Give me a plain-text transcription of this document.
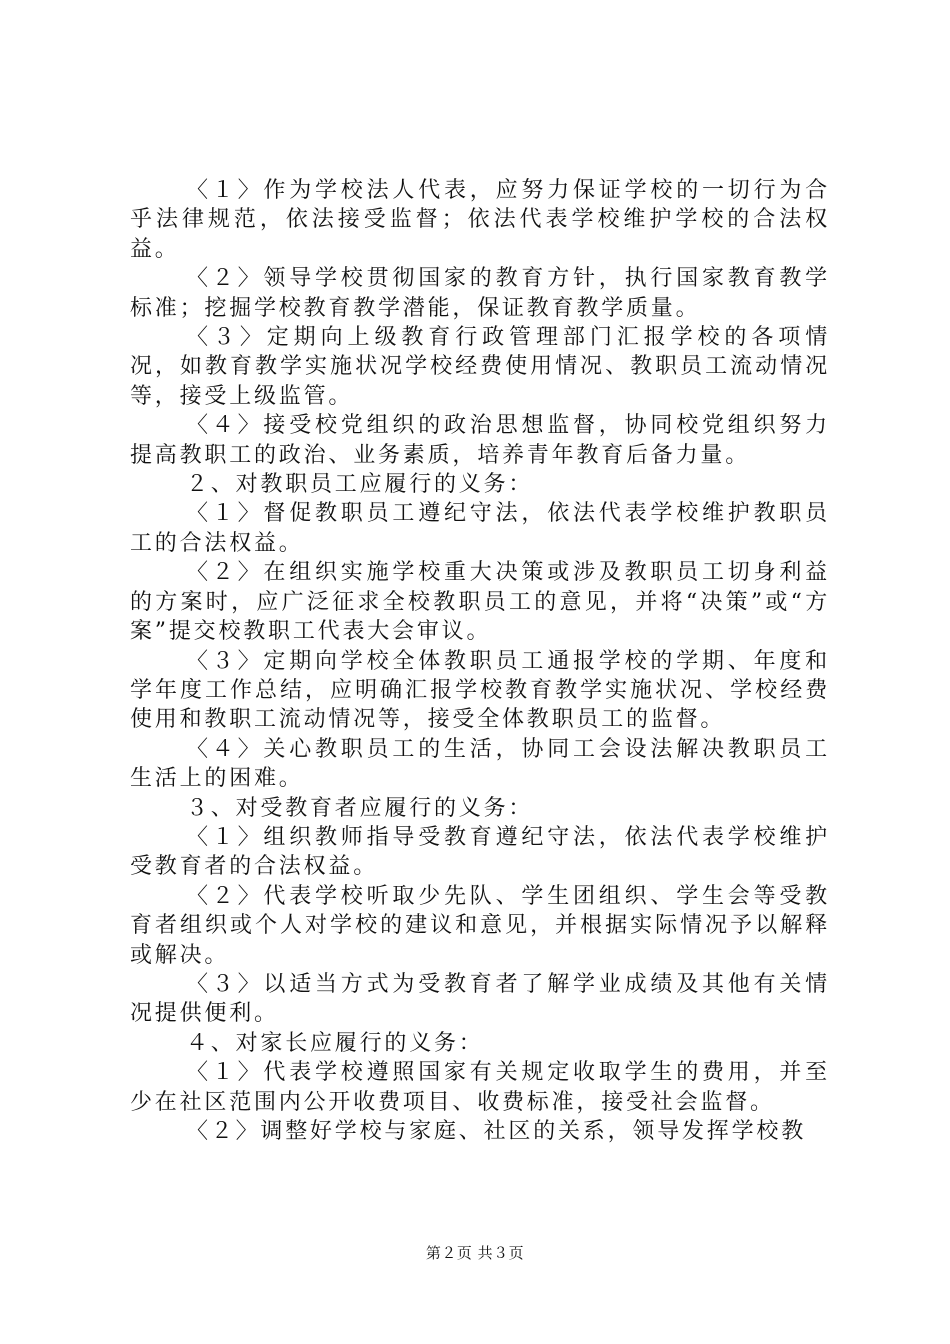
〈１〉作为学校法人代表，应努力保证学校的一切行为合乎法律规范，依法接受监督；依法代表学校维护学校的合法权益。

〈２〉领导学校贯彻国家的教育方针，执行国家教育教学标准；挖掘学校教育教学潜能，保证教育教学质量。

〈３〉定期向上级教育行政管理部门汇报学校的各项情况，如教育教学实施状况学校经费使用情况、教职员工流动情况等，接受上级监管。

〈４〉接受校党组织的政治思想监督，协同校党组织努力提高教职工的政治、业务素质，培养青年教育后备力量。

２、对教职员工应履行的义务：

〈１〉督促教职员工遵纪守法，依法代表学校维护教职员工的合法权益。

〈２〉在组织实施学校重大决策或涉及教职员工切身利益的方案时，应广泛征求全校教职员工的意见，并将“决策”或“方案”提交校教职工代表大会审议。

〈３〉定期向学校全体教职员工通报学校的学期、年度和学年度工作总结，应明确汇报学校教育教学实施状况、学校经费使用和教职工流动情况等，接受全体教职员工的监督。

〈４〉关心教职员工的生活，协同工会设法解决教职员工生活上的困难。

３、对受教育者应履行的义务：

〈１〉组织教师指导受教育遵纪守法，依法代表学校维护受教育者的合法权益。

〈２〉代表学校听取少先队、学生团组织、学生会等受教育者组织或个人对学校的建议和意见，并根据实际情况予以解释或解决。

〈３〉以适当方式为受教育者了解学业成绩及其他有关情况提供便利。

４、对家长应履行的义务：

〈１〉代表学校遵照国家有关规定收取学生的费用，并至少在社区范围内公开收费项目、收费标准，接受社会监督。

〈２〉调整好学校与家庭、社区的关系，领导发挥学校教

第２页 共３页
